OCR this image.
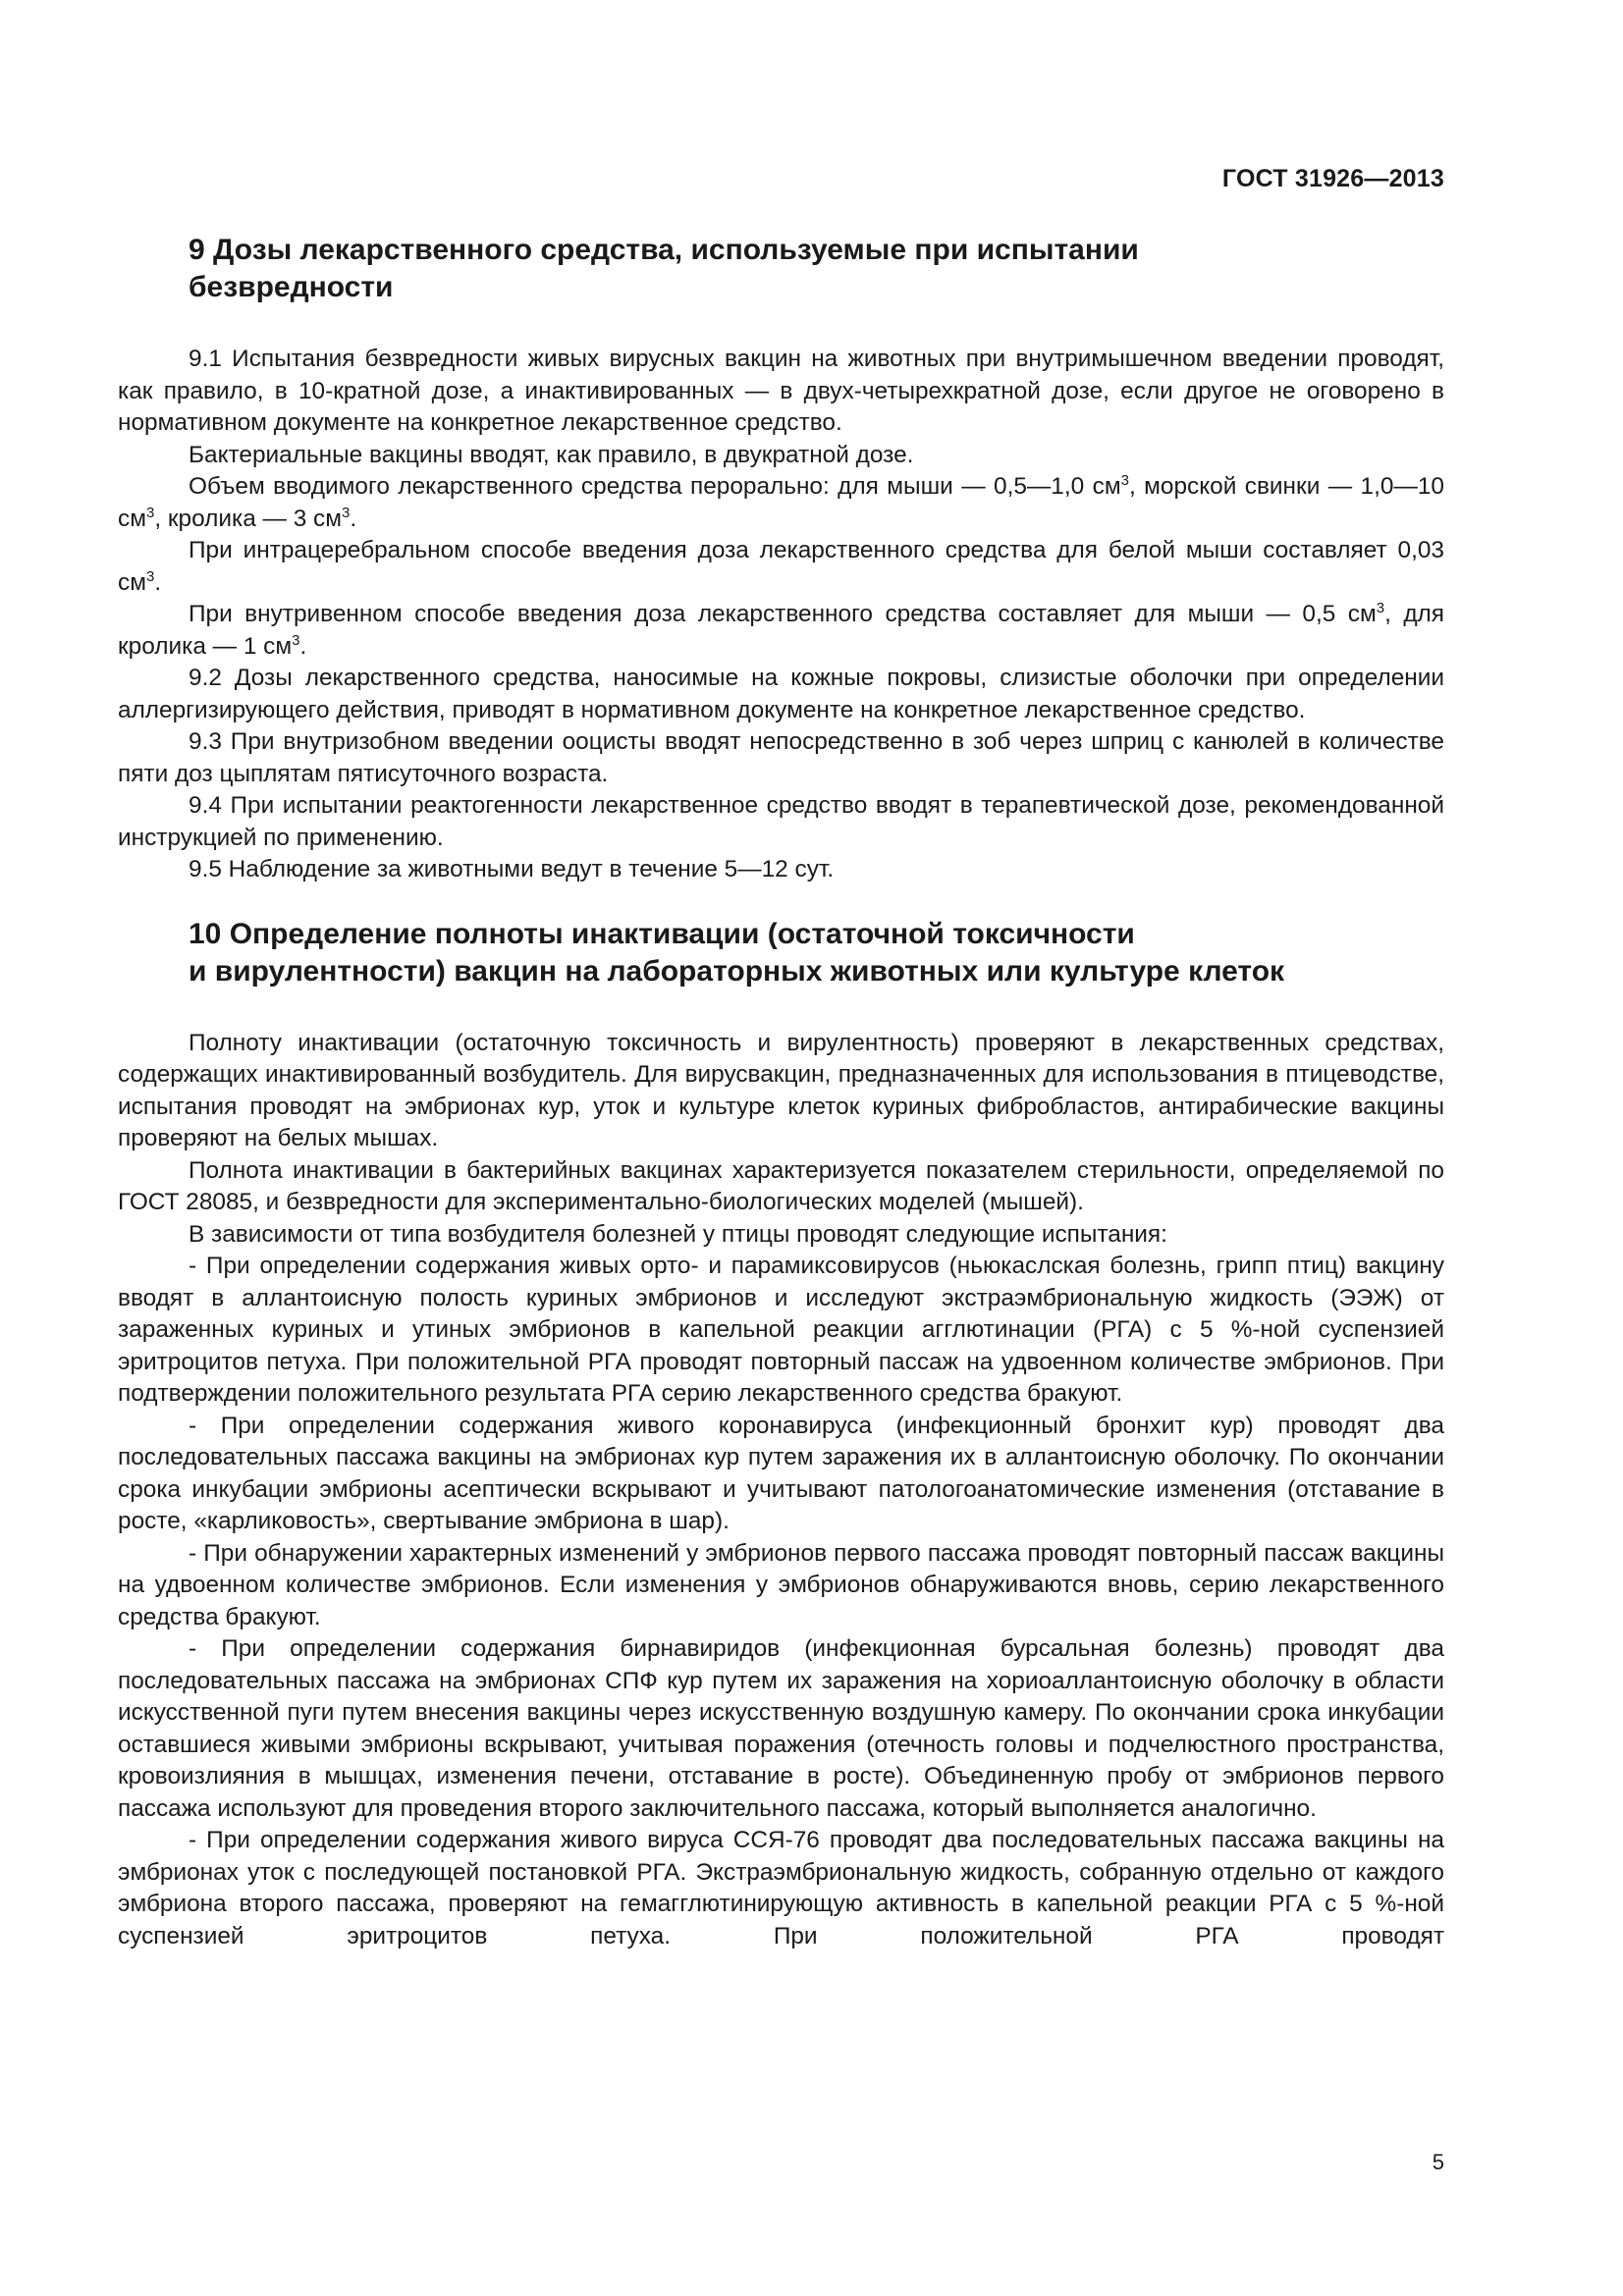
ГОСТ 31926—2013
9 Дозы лекарственного средства, используемые при испытании
безвредности

9.1 Испытания безвредности живых вирусных вакцин на животных при внутримышечном введении проводят, как правило, в 10-кратной дозе, а инактивированных — в двух-четырехкратной дозе, если другое не оговорено в нормативном документе на конкретное лекарственное средство.

Бактериальные вакцины вводят, как правило, в двукратной дозе.

Объем вводимого лекарственного средства перорально: для мыши — 0,5—1,0 $см^3$, морской свинки — 1,0—10 $см^3$, кролика — 3 $см^3$.

При интрацеребральном способе введения доза лекарственного средства для белой мыши составляет 0,03 $см^3$.

При внутривенном способе введения доза лекарственного средства составляет для мыши — 0,5 $см^3$, для кролика — 1 $см^3$.

9.2 Дозы лекарственного средства, наносимые на кожные покровы, слизистые оболочки при определении аллергизирующего действия, приводят в нормативном документе на конкретное лекарственное средство.

9.3 При внутризобном введении ооцисты вводят непосредственно в зоб через шприц с канюлей в количестве пяти доз цыплятам пятисуточного возраста.

9.4 При испытании реактогенности лекарственное средство вводят в терапевтической дозе, рекомендованной инструкцией по применению.

9.5 Наблюдение за животными ведут в течение 5—12 сут.

10 Определение полноты инактивации (остаточной токсичности
и вирулентности) вакцин на лабораторных животных или культуре клеток

Полноту инактивации (остаточную токсичность и вирулентность) проверяют в лекарственных средствах, содержащих инактивированный возбудитель. Для вирусвакцин, предназначенных для использования в птицеводстве, испытания проводят на эмбрионах кур, уток и культуре клеток куриных фибробластов, антирабические вакцины проверяют на белых мышах.

Полнота инактивации в бактерийных вакцинах характеризуется показателем стерильности, определяемой по ГОСТ 28085, и безвредности для экспериментально-биологических моделей (мышей).

В зависимости от типа возбудителя болезней у птицы проводят следующие испытания:

- При определении содержания живых орто- и парамиксовирусов (ньюкаслская болезнь, грипп птиц) вакцину вводят в аллантоисную полость куриных эмбрионов и исследуют экстраэмбриональную жидкость (ЭЭЖ) от зараженных куриных и утиных эмбрионов в капельной реакции агглютинации (РГА) с 5 %-ной суспензией эритроцитов петуха. При положительной РГА проводят повторный пассаж на удвоенном количестве эмбрионов. При подтверждении положительного результата РГА серию лекарственного средства бракуют.

- При определении содержания живого коронавируса (инфекционный бронхит кур) проводят два последовательных пассажа вакцины на эмбрионах кур путем заражения их в аллантоисную оболочку. По окончании срока инкубации эмбрионы асептически вскрывают и учитывают патологоанатомические изменения (отставание в росте, «карликовость», свертывание эмбриона в шар).

- При обнаружении характерных изменений у эмбрионов первого пассажа проводят повторный пассаж вакцины на удвоенном количестве эмбрионов. Если изменения у эмбрионов обнаруживаются вновь, серию лекарственного средства бракуют.

- При определении содержания бирнавиридов (инфекционная бурсальная болезнь) проводят два последовательных пассажа на эмбрионах СПФ кур путем их заражения на хориоаллантоисную оболочку в области искусственной пуги путем внесения вакцины через искусственную воздушную камеру. По окончании срока инкубации оставшиеся живыми эмбрионы вскрывают, учитывая поражения (отечность головы и подчелюстного пространства, кровоизлияния в мышцах, изменения печени, отставание в росте). Объединенную пробу от эмбрионов первого пассажа используют для проведения второго заключительного пассажа, который выполняется аналогично.

- При определении содержания живого вируса ССЯ-76 проводят два последовательных пассажа вакцины на эмбрионах уток с последующей постановкой РГА. Экстраэмбриональную жидкость, собранную отдельно от каждого эмбриона второго пассажа, проверяют на гемагглютинирующую активность в капельной реакции РГА с 5 %-ной суспензией эритроцитов петуха. При положительной РГА проводят

5
